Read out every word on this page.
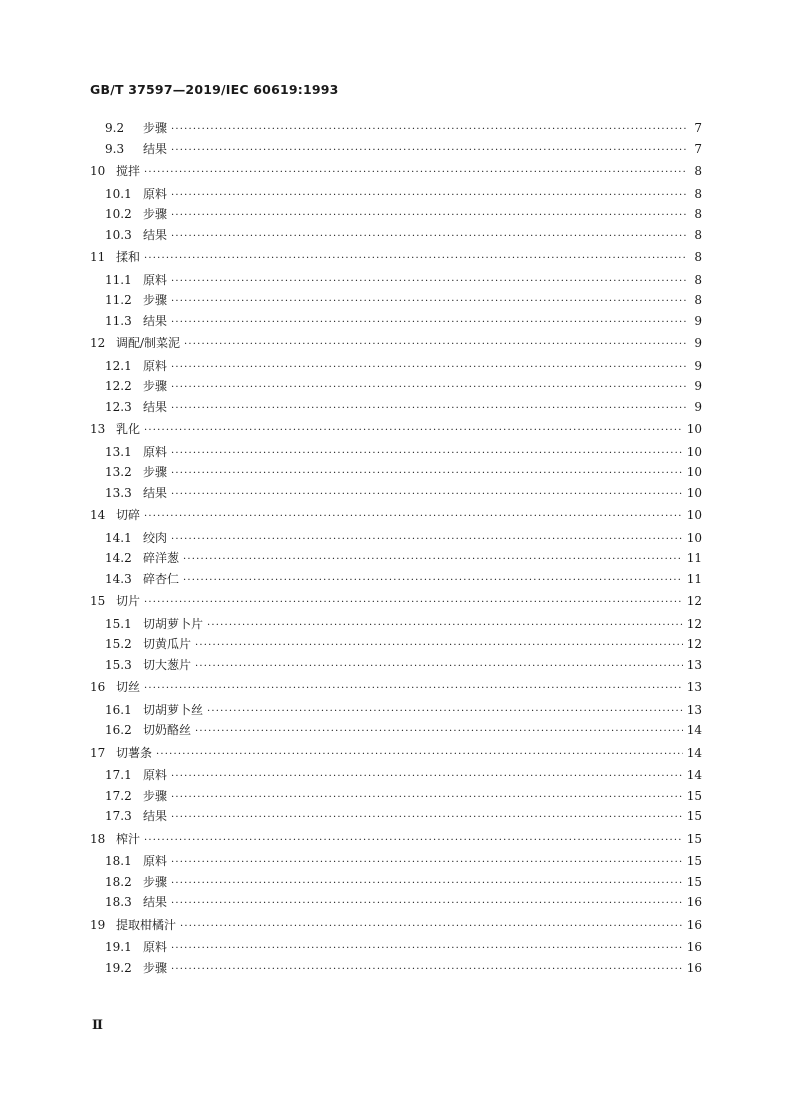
GB/T 37597—2019/IEC 60619:1993
9.2	步骤 ·····	7
9.3	结果 ·····	7
10 搅拌 ·····	8
10.1 原料 ·····	8
10.2 步骤 ·····	8
10.3 结果 ·····	8
11 揉和 ·····	8
11.1 原料 ·····	8
11.2 步骤 ·····	8
11.3 结果 ·····	9
12 调配/制菜泥 ·····	9
12.1 原料 ·····	9
12.2 步骤 ·····	9
12.3 结果 ·····	9
13 乳化 ·····	10
13.1 原料 ·····	10
13.2 步骤 ·····	10
13.3 结果 ·····	10
14 切碎 ·····	10
14.1 绞肉 ·····	10
14.2 碎洋葱 ·····	11
14.3 碎杏仁 ·····	11
15 切片 ·····	12
15.1 切胡萝卜片 ·····	12
15.2 切黄瓜片 ·····	12
15.3 切大葱片 ·····	13
16 切丝 ·····	13
16.1 切胡萝卜丝 ·····	13
16.2 切奶酪丝 ·····	14
17 切薯条 ·····	14
17.1 原料 ·····	14
17.2 步骤 ·····	15
17.3 结果 ·····	15
18 榨汁 ·····	15
18.1 原料 ·····	15
18.2 步骤 ·····	15
18.3 结果 ·····	16
19 提取柑橘汁 ·····	16
19.1 原料 ·····	16
19.2 步骤 ·····	16
Ⅱ
